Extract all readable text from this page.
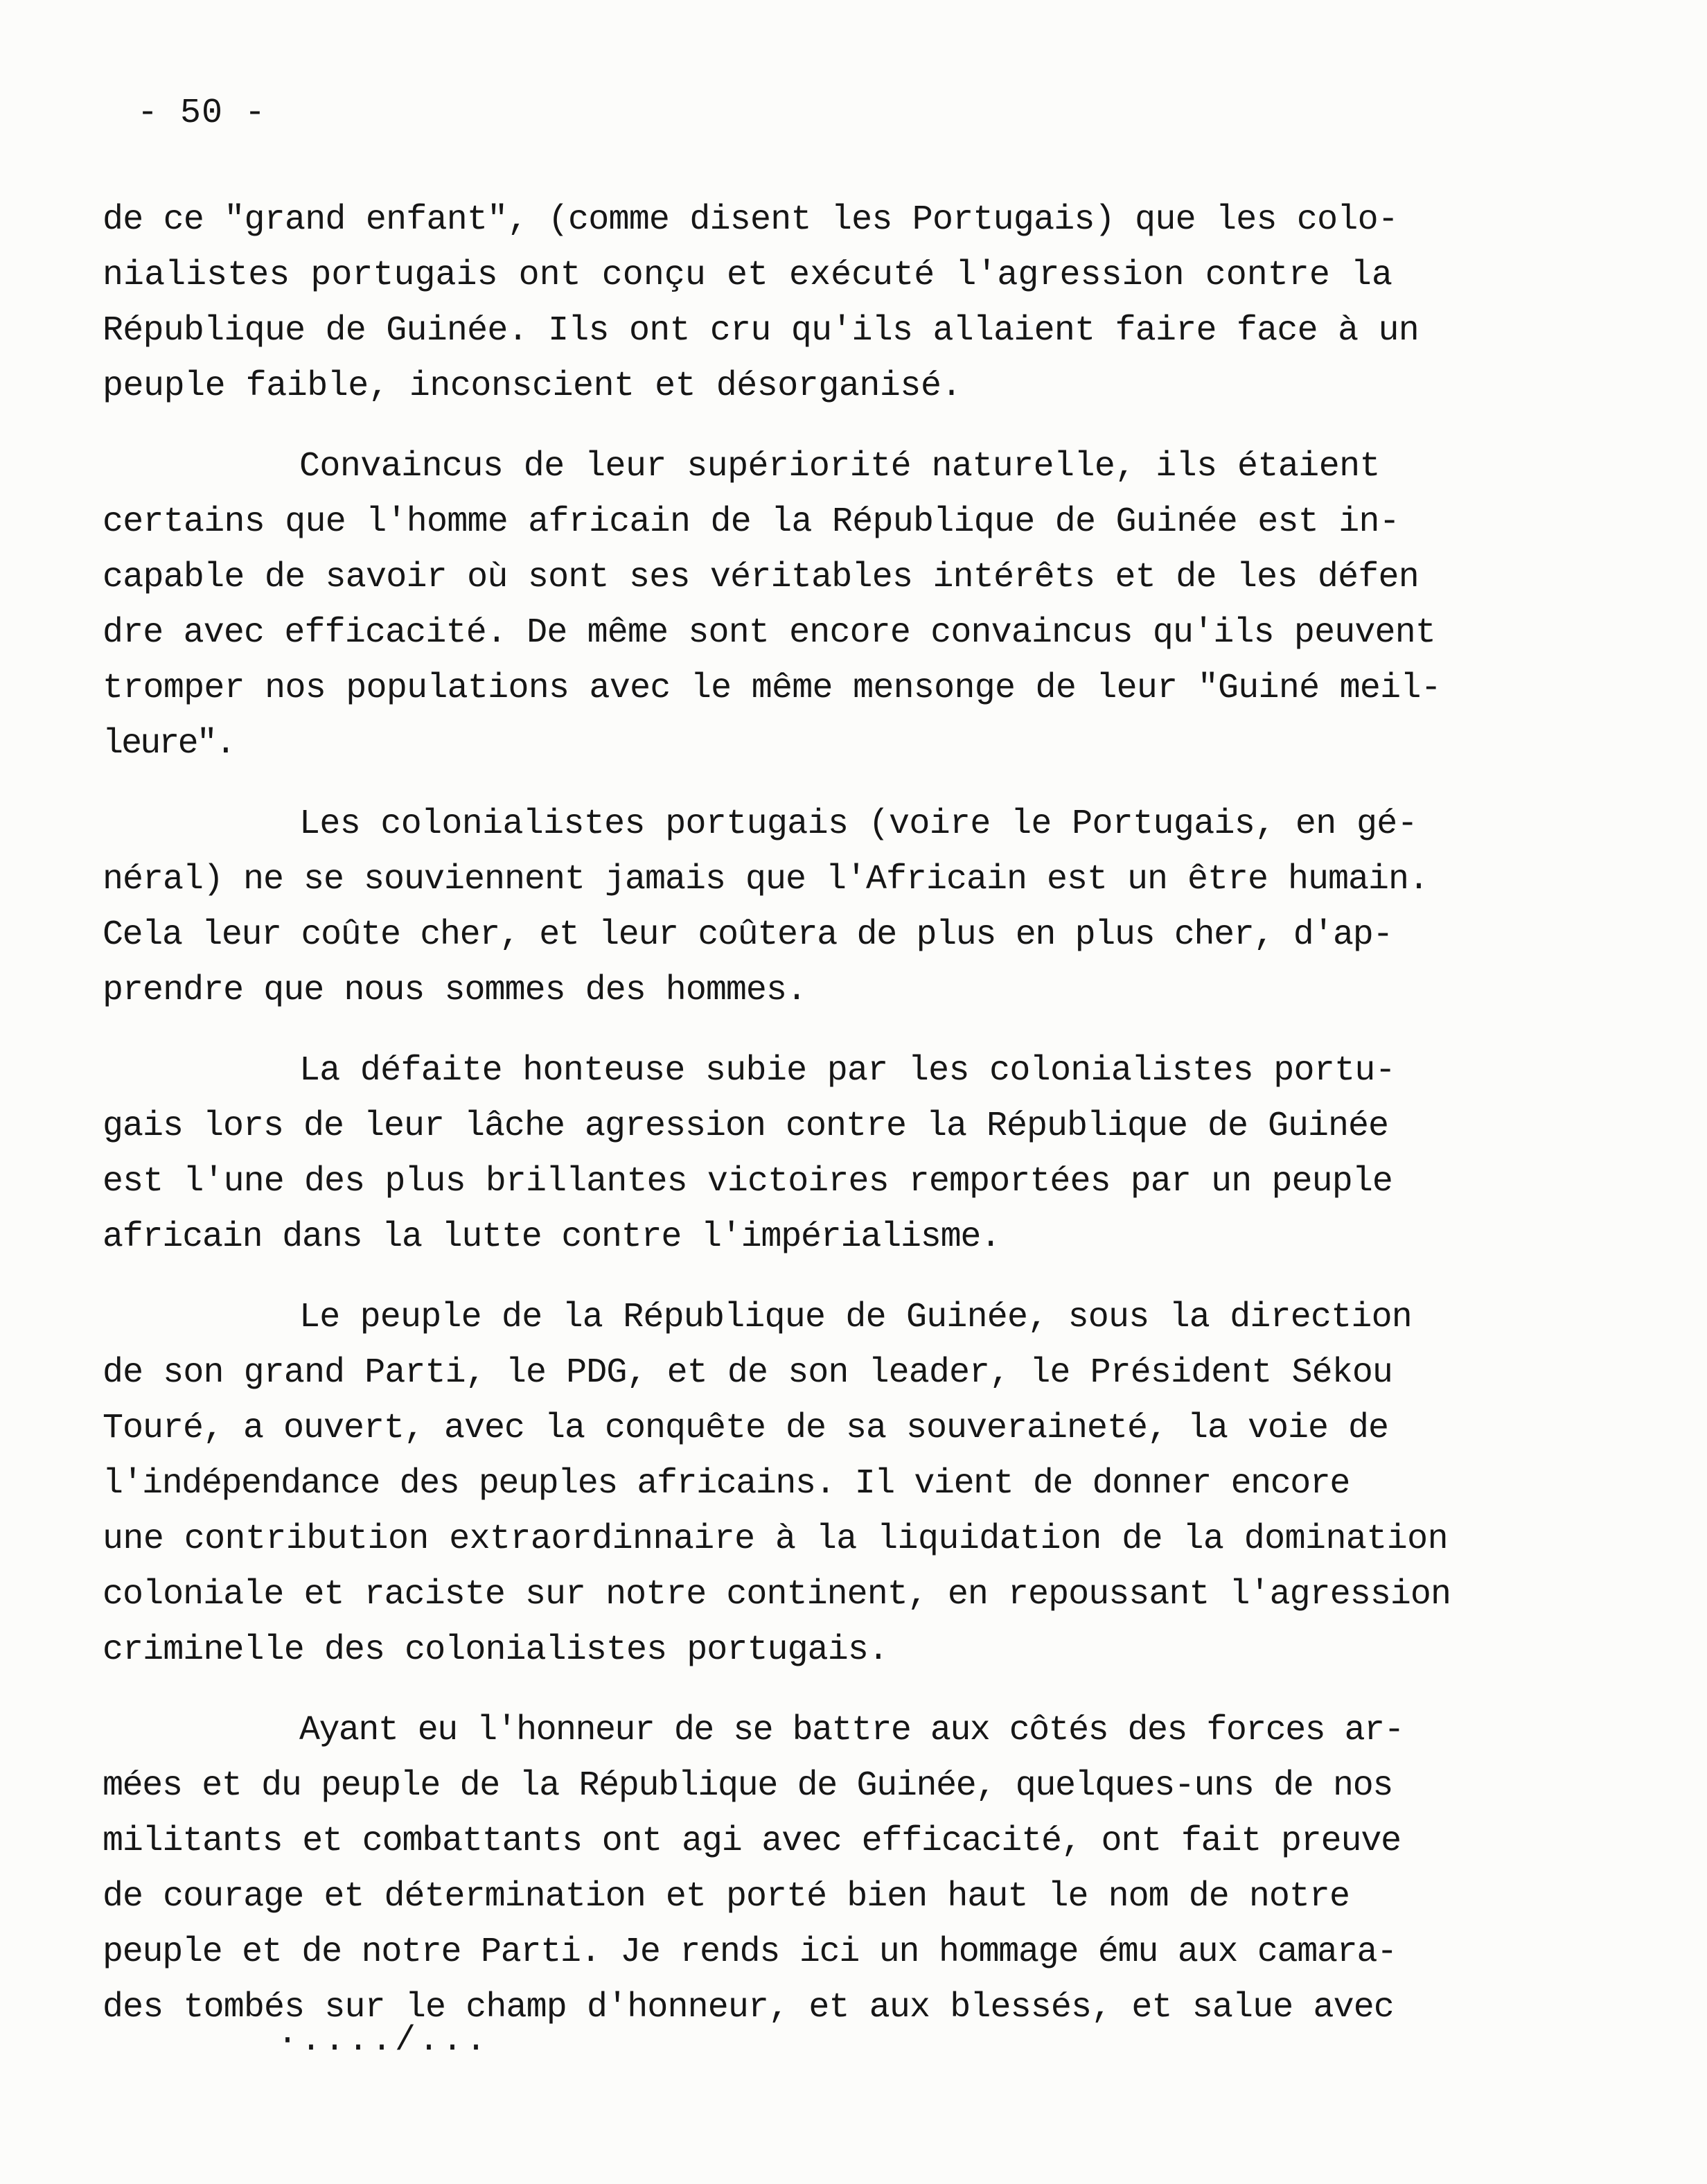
- 50 -
de ce "grand enfant", (comme disent les Portugais) que les colo-
nialistes portugais ont conçu et exécuté l'agression contre la
République de Guinée. Ils ont cru qu'ils allaient faire face à un
peuple faible, inconscient et désorganisé.
Convaincus de leur supériorité naturelle, ils étaient
certains que l'homme africain de la République de Guinée est in-
capable de savoir où sont ses véritables intérêts et de les défen
dre avec efficacité. De même sont encore convaincus qu'ils peuvent
tromper nos populations avec le même mensonge de leur "Guiné meil-
leure".
Les colonialistes portugais (voire le Portugais, en gé-
néral) ne se souviennent jamais que l'Africain est un être humain.
Cela leur coûte cher, et leur coûtera de plus en plus cher, d'ap-
prendre que nous sommes des hommes.
La défaite honteuse subie par les colonialistes portu-
gais lors de leur lâche agression contre la République de Guinée
est l'une des plus brillantes victoires remportées par un peuple
africain dans la lutte contre l'impérialisme.
Le peuple de la République de Guinée, sous la direction
de son grand Parti, le PDG, et de son leader, le Président Sékou
Touré, a ouvert, avec la conquête de sa souveraineté, la voie de
l'indépendance des peuples africains. Il vient de donner encore
une contribution extraordinnaire à la liquidation de la domination
coloniale et raciste sur notre continent, en repoussant l'agression
criminelle des colonialistes portugais.
Ayant eu l'honneur de se battre aux côtés des forces ar-
mées et du peuple de la République de Guinée, quelques-uns de nos
militants et combattants ont agi avec efficacité, ont fait preuve
de courage et détermination et porté bien haut le nom de notre
peuple et de notre Parti. Je rends ici un hommage ému aux camara-
des tombés sur le champ d'honneur, et aux blessés, et salue avec
·..../...
